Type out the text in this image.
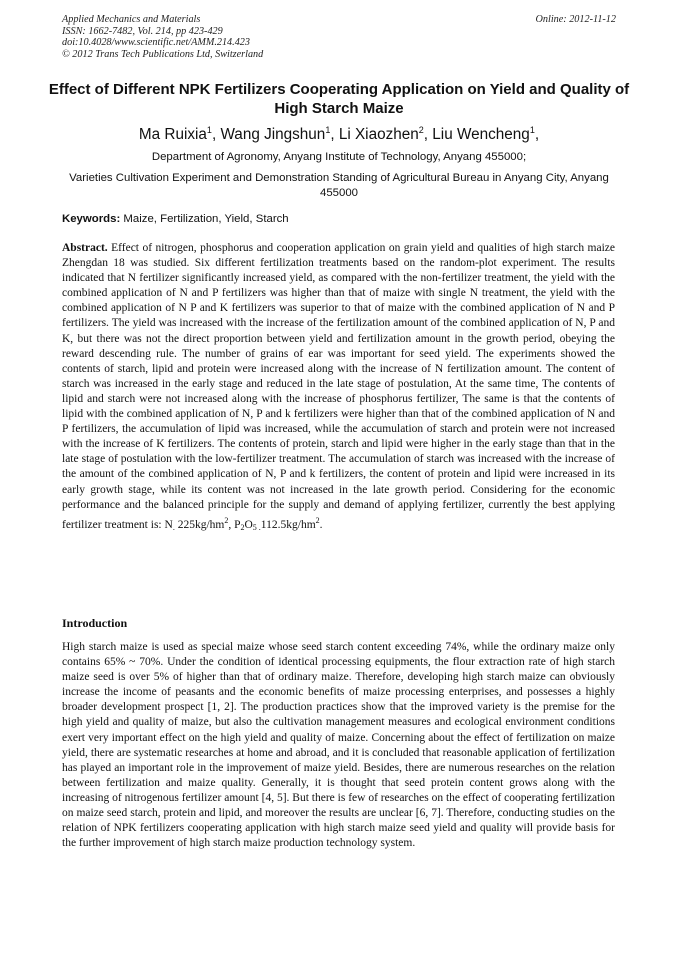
Applied Mechanics and Materials
ISSN: 1662-7482, Vol. 214, pp 423-429
doi:10.4028/www.scientific.net/AMM.214.423
© 2012 Trans Tech Publications Ltd, Switzerland
Online: 2012-11-12
Effect of Different NPK Fertilizers Cooperating Application on Yield and Quality of High Starch Maize
Ma Ruixia$^1$, Wang Jingshun$^1$, Li Xiaozhen$^2$, Liu Wencheng$^1$,
Department of Agronomy, Anyang Institute of Technology, Anyang 455000;
Varieties Cultivation Experiment and Demonstration Standing of Agricultural Bureau in Anyang City, Anyang 455000
Keywords: Maize, Fertilization, Yield, Starch
Abstract. Effect of nitrogen, phosphorus and cooperation application on grain yield and qualities of high starch maize Zhengdan 18 was studied. Six different fertilization treatments based on the random-plot experiment. The results indicated that N fertilizer significantly increased yield, as compared with the non-fertilizer treatment, the yield with the combined application of N and P fertilizers was higher than that of maize with single N treatment, the yield with the combined application of N P and K fertilizers was superior to that of maize with the combined application of N and P fertilizers. The yield was increased with the increase of the fertilization amount of the combined application of N, P and K, but there was not the direct proportion between yield and fertilization amount in the growth period, obeying the reward descending rule. The number of grains of ear was important for seed yield. The experiments showed the contents of starch, lipid and protein were increased along with the increase of N fertilization amount. The content of starch was increased in the early stage and reduced in the late stage of postulation, At the same time, The contents of lipid and starch were not increased along with the increase of phosphorus fertilizer, The same is that the contents of lipid with the combined application of N, P and k fertilizers were higher than that of the combined application of N and P fertilizers, the accumulation of lipid was increased, while the accumulation of starch and protein were not increased with the increase of K fertilizers. The contents of protein, starch and lipid were higher in the early stage than that in the late stage of postulation with the low-fertilizer treatment. The accumulation of starch was increased with the increase of the amount of the combined application of N, P and k fertilizers, the content of protein and lipid were increased in its early growth stage, while its content was not increased in the late growth period. Considering for the economic performance and the balanced principle for the supply and demand of applying fertilizer, currently the best applying fertilizer treatment is: $N_.$ $225kg/hm^2$, $P_2O_{5 .}112.5kg/hm^2$.
Introduction
High starch maize is used as special maize whose seed starch content exceeding 74%, while the ordinary maize only contains 65% ~ 70%. Under the condition of identical processing equipments, the flour extraction rate of high starch maize seed is over 5% of higher than that of ordinary maize. Therefore, developing high starch maize can obviously increase the income of peasants and the economic benefits of maize processing enterprises, and possesses a highly broader development prospect [1, 2]. The production practices show that the improved variety is the premise for the high yield and quality of maize, but also the cultivation management measures and ecological environment conditions exert very important effect on the high yield and quality of maize. Concerning about the effect of fertilization on maize yield, there are systematic researches at home and abroad, and it is concluded that reasonable application of fertilization has played an important role in the improvement of maize yield. Besides, there are numerous researches on the relation between fertilization and maize quality. Generally, it is thought that seed protein content grows along with the increasing of nitrogenous fertilizer amount [4, 5]. But there is few of researches on the effect of cooperating fertilization on maize seed starch, protein and lipid, and moreover the results are unclear [6, 7]. Therefore, conducting studies on the relation of NPK fertilizers cooperating application with high starch maize seed yield and quality will provide basis for the further improvement of high starch maize production technology system.
